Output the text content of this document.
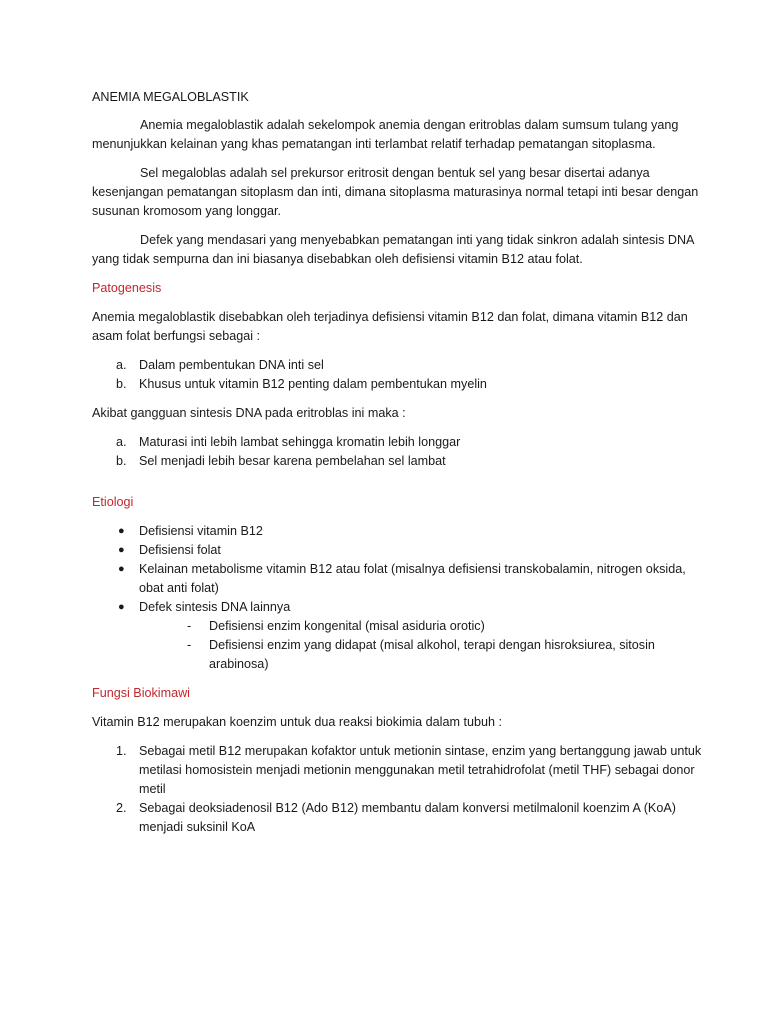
ANEMIA MEGALOBLASTIK

Anemia megaloblastik adalah sekelompok anemia dengan eritroblas dalam sumsum tulang yang menunjukkan kelainan yang khas pematangan inti terlambat relatif terhadap pematangan sitoplasma.

Sel megaloblas adalah sel prekursor eritrosit dengan bentuk sel yang besar disertai adanya kesenjangan pematangan sitoplasm dan inti, dimana sitoplasma maturasinya normal tetapi inti besar dengan susunan kromosom yang longgar.

Defek yang mendasari yang menyebabkan pematangan inti yang tidak sinkron adalah sintesis DNA yang tidak sempurna dan ini biasanya disebabkan oleh defisiensi vitamin B12 atau folat.

Patogenesis

Anemia megaloblastik disebabkan oleh terjadinya defisiensi vitamin B12 dan folat, dimana vitamin B12 dan asam folat berfungsi sebagai :

a. Dalam pembentukan DNA inti sel
b. Khusus untuk vitamin B12 penting dalam pembentukan myelin

Akibat gangguan sintesis DNA pada eritroblas ini maka :

a. Maturasi inti lebih lambat sehingga kromatin lebih longgar
b. Sel menjadi lebih besar karena pembelahan sel lambat
Etiologi
● Defisiensi vitamin B12
● Defisiensi folat
● Kelainan metabolisme vitamin B12 atau folat (misalnya defisiensi transkobalamin, nitrogen oksida, obat anti folat)
● Defek sintesis DNA lainnya
- Defisiensi enzim kongenital (misal asiduria orotic)
- Defisiensi enzim yang didapat (misal alkohol, terapi dengan hisroksiurea, sitosin arabinosa)
Fungsi Biokimawi

Vitamin B12 merupakan koenzim untuk dua reaksi biokimia dalam tubuh :

1. Sebagai metil B12 merupakan kofaktor untuk metionin sintase, enzim yang bertanggung jawab untuk metilasi homosistein menjadi metionin menggunakan metil tetrahidrofolat (metil THF) sebagai donor metil
2. Sebagai deoksiadenosil B12 (Ado B12) membantu dalam konversi metilmalonil koenzim A (KoA) menjadi suksinil KoA
